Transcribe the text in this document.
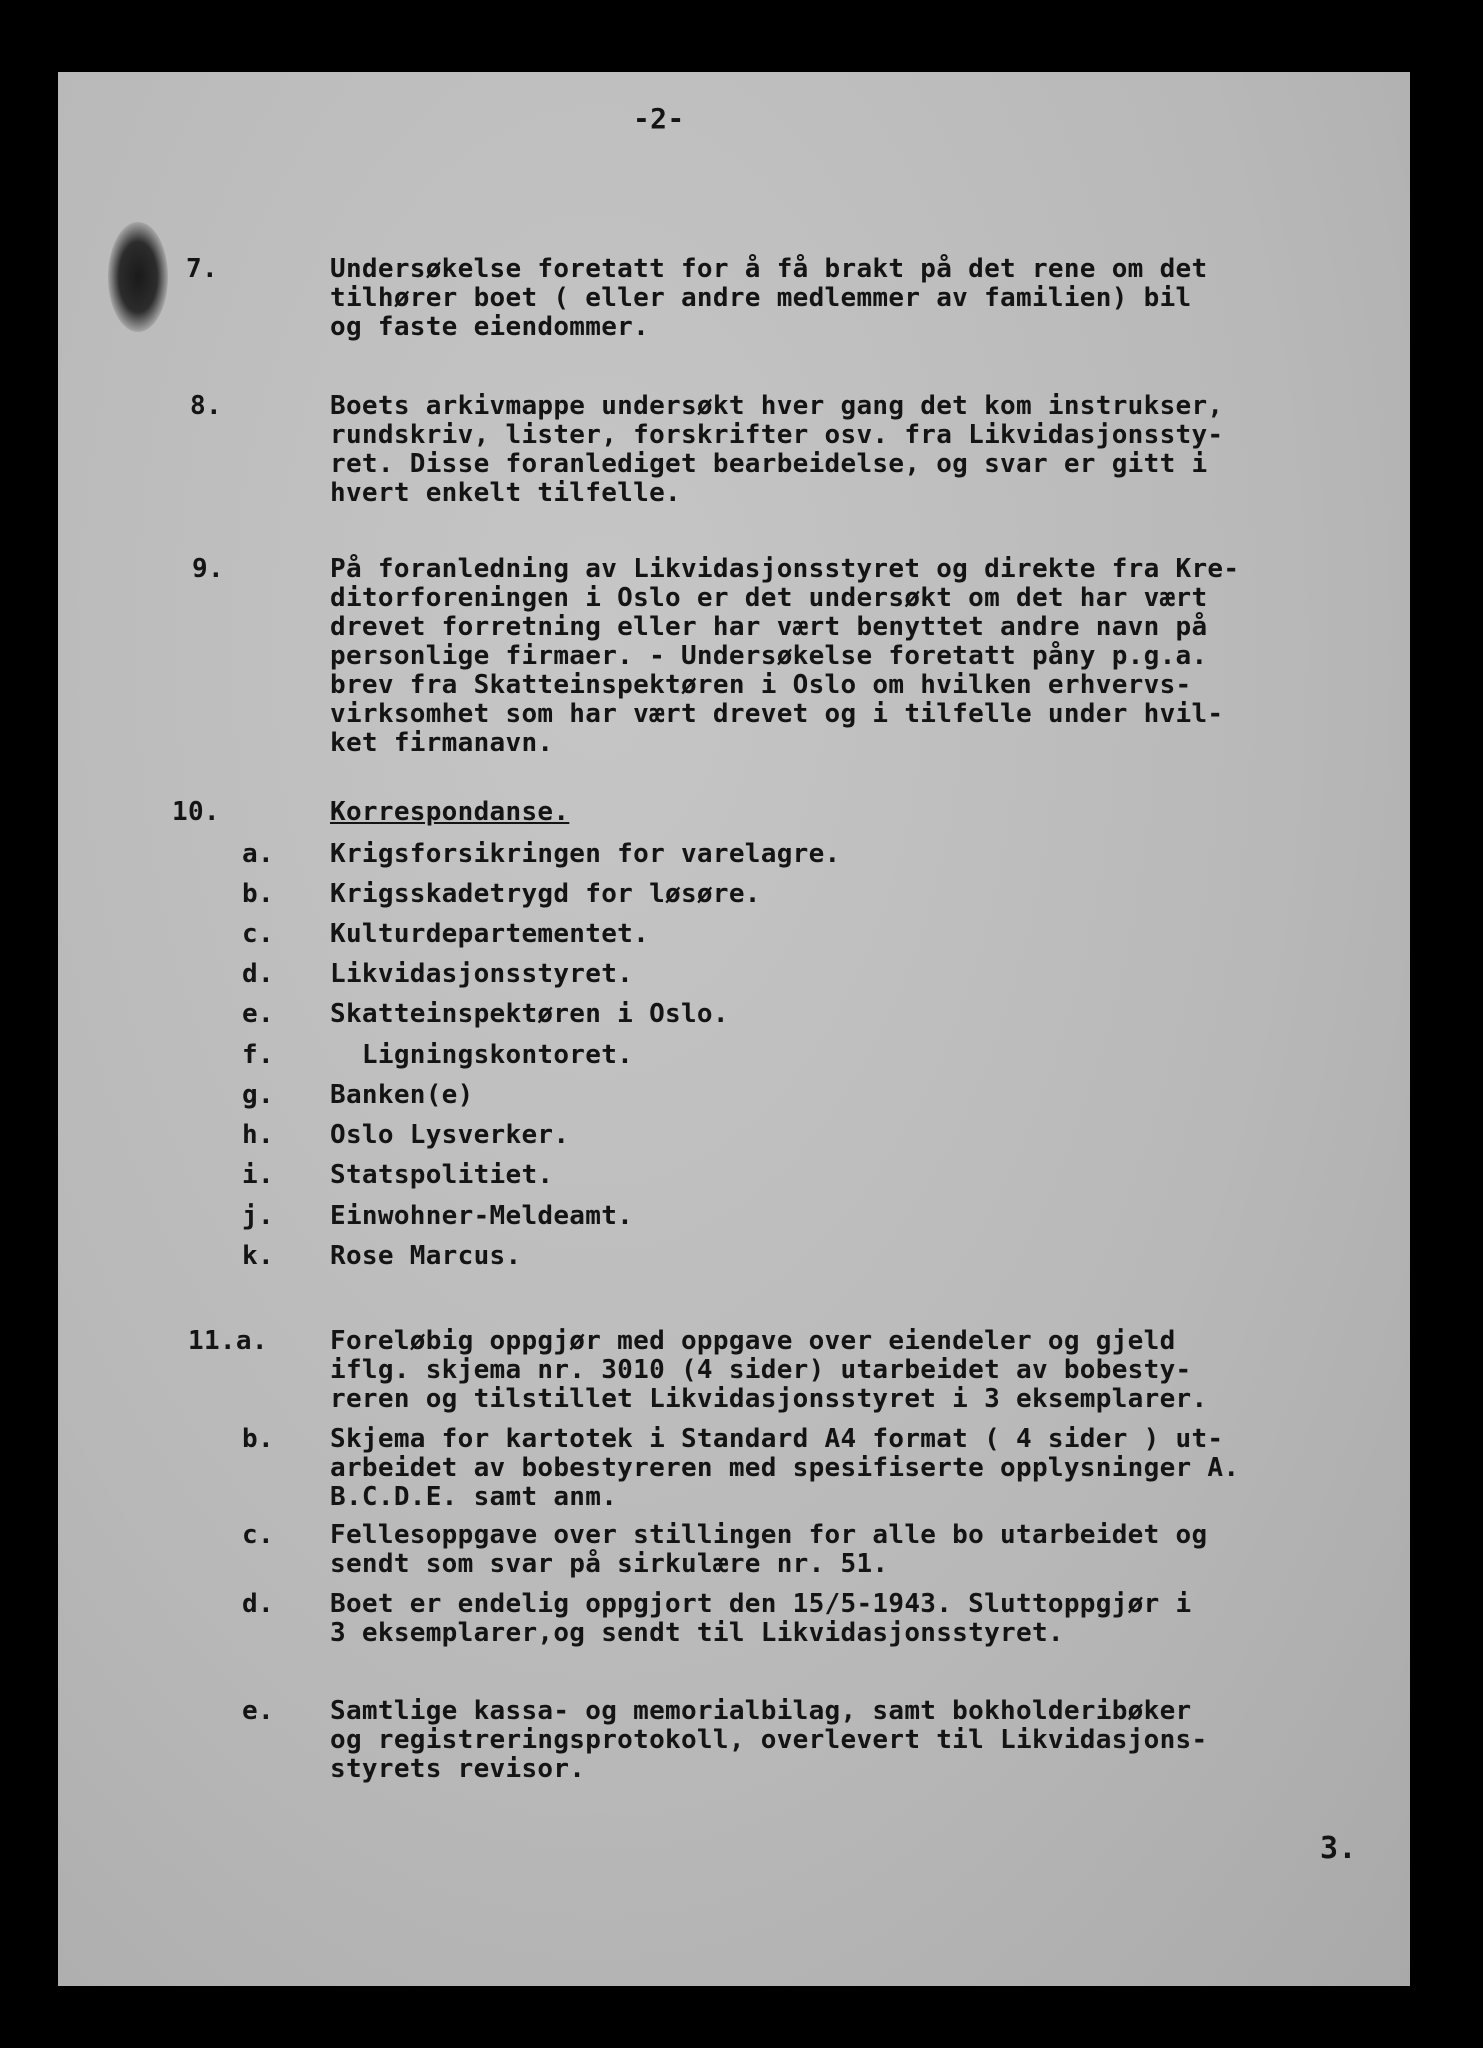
-2-
7.	Undersøkelse foretatt for å få brakt på det rene om det
tilhører boet ( eller andre medlemmer av familien) bil
og faste eiendommer.
8.	Boets arkivmappe undersøkt hver gang det kom instrukser,
rundskriv, lister, forskrifter osv. fra Likvidasjonssty-
ret. Disse foranlediget bearbeidelse, og svar er gitt i
hvert enkelt tilfelle.
9.	På foranledning av Likvidasjonsstyret og direkte fra Kre-
ditorforeningen i Oslo er det undersøkt om det har vært
drevet forretning eller har vært benyttet andre navn på
personlige firmaer. - Undersøkelse foretatt påny p.g.a.
brev fra Skatteinspektøren i Oslo om hvilken erhvervs-
virksomhet som har vært drevet og i tilfelle under hvil-
ket firmanavn.
10.	Korrespondanse.
a. Krigsforsikringen for varelagre.
b. Krigsskadetrygd for løsøre.
c. Kulturdepartementet.
d. Likvidasjonsstyret.
e. Skatteinspektøren i Oslo.
f. Ligningskontoret.
g. Banken(e)
h. Oslo Lysverker.
i. Statspolitiet.
j. Einwohner-Meldeamt.
k. Rose Marcus.
11.a. Foreløbig oppgjør med oppgave over eiendeler og gjeld
iflg. skjema nr. 3010 (4 sider) utarbeidet av bobesty-
reren og tilstillet Likvidasjonsstyret i 3 eksemplarer.
b. Skjema for kartotek i Standard A4 format ( 4 sider ) ut-
arbeidet av bobestyreren med spesifiserte opplysninger A.
B.C.D.E. samt anm.
c. Fellesoppgave over stillingen for alle bo utarbeidet og
sendt som svar på sirkulære nr. 51.
d. Boet er endelig oppgjort den 15/5-1943. Sluttoppgjør i
3 eksemplarer,og sendt til Likvidasjonsstyret.
e. Samtlige kassa- og memorialbilag, samt bokholderibøker
og registreringsprotokoll, overlevert til Likvidasjons-
styrets revisor.
3.
